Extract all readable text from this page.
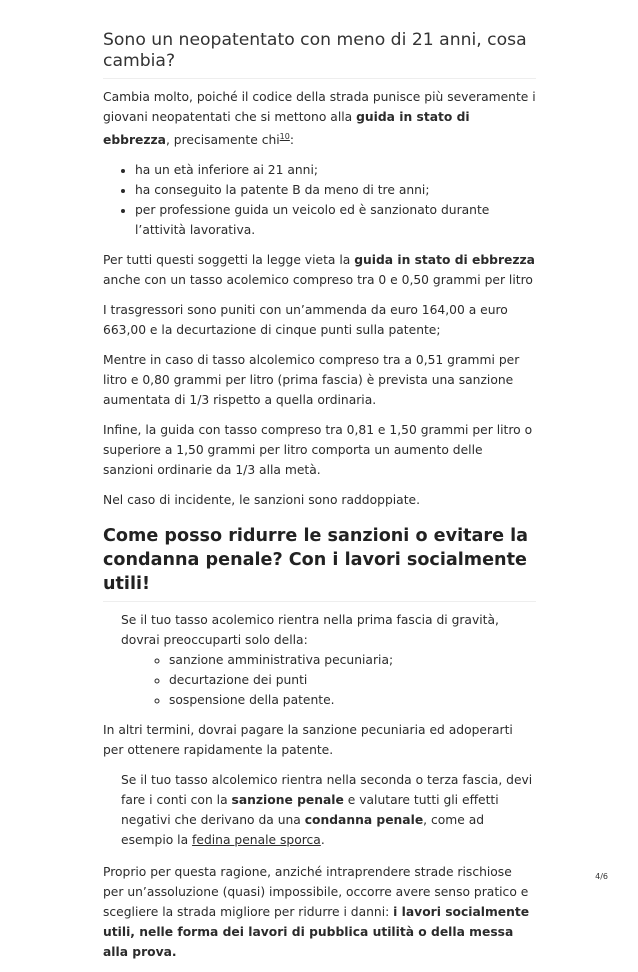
Sono un neopatentato con meno di 21 anni, cosa cambia?

Cambia molto, poiché il codice della strada punisce più severamente i giovani neopatentati che si mettono alla guida in stato di ebbrezza, precisamente chi$^{10}$:

• ha un età inferiore ai 21 anni;
• ha conseguito la patente B da meno di tre anni;
• per professione guida un veicolo ed è sanzionato durante l’attività lavorativa.

Per tutti questi soggetti la legge vieta la guida in stato di ebbrezza anche con un tasso acolemico compreso tra 0 e 0,50 grammi per litro

I trasgressori sono puniti con un’ammenda da euro 164,00 a euro 663,00 e la decurtazione di cinque punti sulla patente;

Mentre in caso di tasso alcolemico compreso tra a 0,51 grammi per litro e 0,80 grammi per litro (prima fascia) è prevista una sanzione aumentata di 1/3 rispetto a quella ordinaria.

Infine, la guida con tasso compreso tra 0,81 e 1,50 grammi per litro o superiore a 1,50 grammi per litro comporta un aumento delle sanzioni ordinarie da 1/3 alla metà.

Nel caso di incidente, le sanzioni sono raddoppiate.

Come posso ridurre le sanzioni o evitare la condanna penale? Con i lavori socialmente utili!

Se il tuo tasso acolemico rientra nella prima fascia di gravità, dovrai preoccuparti solo della:

◦ sanzione amministrativa pecuniaria;
◦ decurtazione dei punti
◦ sospensione della patente.

In altri termini, dovrai pagare la sanzione pecuniaria ed adoperarti per ottenere rapidamente la patente.

Se il tuo tasso alcolemico rientra nella seconda o terza fascia, devi fare i conti con la sanzione penale e valutare tutti gli effetti negativi che derivano da una condanna penale, come ad esempio la fedina penale sporca.

Proprio per questa ragione, anziché intraprendere strade rischiose per un’assoluzione (quasi) impossibile, occorre avere senso pratico e scegliere la strada migliore per ridurre i danni: i lavori socialmente utili, nelle forma dei lavori di pubblica utilità o della messa alla prova.

4/6
